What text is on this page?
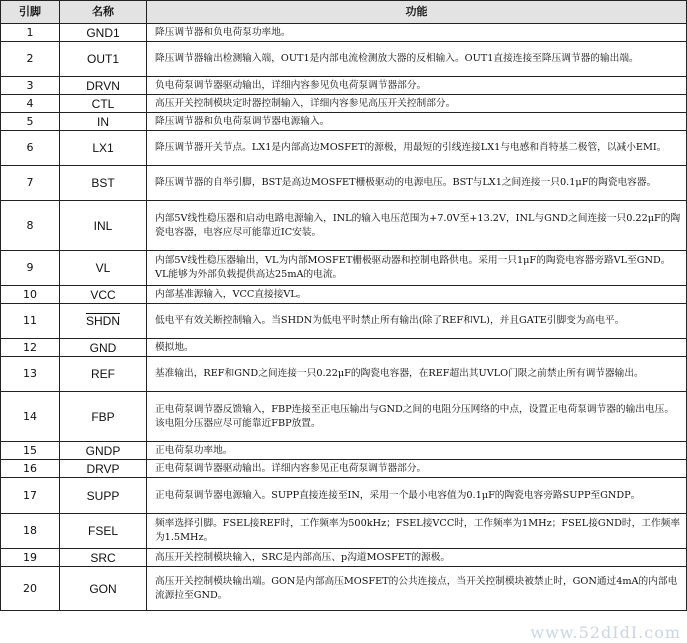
引脚	名称	功能
1	GND1	降压调节器和负电荷泵功率地。
2	OUT1	降压调节器输出检测输入端，OUT1是内部电流检测放大器的反相输入。OUT1直接连接至降压调节器的输出端。
3	DRVN	负电荷泵调节器驱动输出，详细内容参见负电荷泵调节器部分。
4	CTL	高压开关控制模块定时器控制输入，详细内容参见高压开关控制部分。
5	IN	降压调节器和负电荷泵调节器电源输入。
6	LX1	降压调节器开关节点。LX1是内部高边MOSFET的源极，用最短的引线连接LX1与电感和肖特基二极管，以减小EMI。
7	BST	降压调节器的自举引脚，BST是高边MOSFET栅极驱动的电源电压。BST与LX1之间连接一只0.1μF的陶瓷电容器。
8	INL	内部5V线性稳压器和启动电路电源输入，INL的输入电压范围为+7.0V至+13.2V，INL与GND之间连接一只0.22μF的陶瓷电容器，电容应尽可能靠近IC安装。
9	VL	内部5V线性稳压器输出，VL为内部MOSFET栅极驱动器和控制电路供电。采用一只1μF的陶瓷电容器旁路VL至GND。VL能够为外部负载提供高达25mA的电流。
10	VCC	内部基准源输入，VCC直接接VL。
11	SHDN	低电平有效关断控制输入。当SHDN为低电平时禁止所有输出(除了REF和VL)，并且GATE引脚变为高电平。
12	GND	模拟地。
13	REF	基准输出，REF和GND之间连接一只0.22μF的陶瓷电容器，在REF超出其UVLO门限之前禁止所有调节器输出。
14	FBP	正电荷泵调节器反馈输入，FBP连接至正电压输出与GND之间的电阻分压网络的中点，设置正电荷泵调节器的输出电压。该电阻分压器应尽可能靠近FBP放置。
15	GNDP	正电荷泵功率地。
16	DRVP	正电荷泵调节器驱动输出。详细内容参见正电荷泵调节器部分。
17	SUPP	正电荷泵调节器电源输入。SUPP直接连接至IN，采用一个最小电容值为0.1μF的陶瓷电容旁路SUPP至GNDP。
18	FSEL	频率选择引脚。FSEL接REF时，工作频率为500kHz；FSEL接VCC时，工作频率为1MHz；FSEL接GND时，工作频率为1.5MHz。
19	SRC	高压开关控制模块输入，SRC是内部高压、p沟道MOSFET的源极。
20	GON	高压开关控制模块输出端。GON是内部高压MOSFET的公共连接点，当开关控制模块被禁止时，GON通过4mA的内部电流源拉至GND。
www.52dIdI.com
